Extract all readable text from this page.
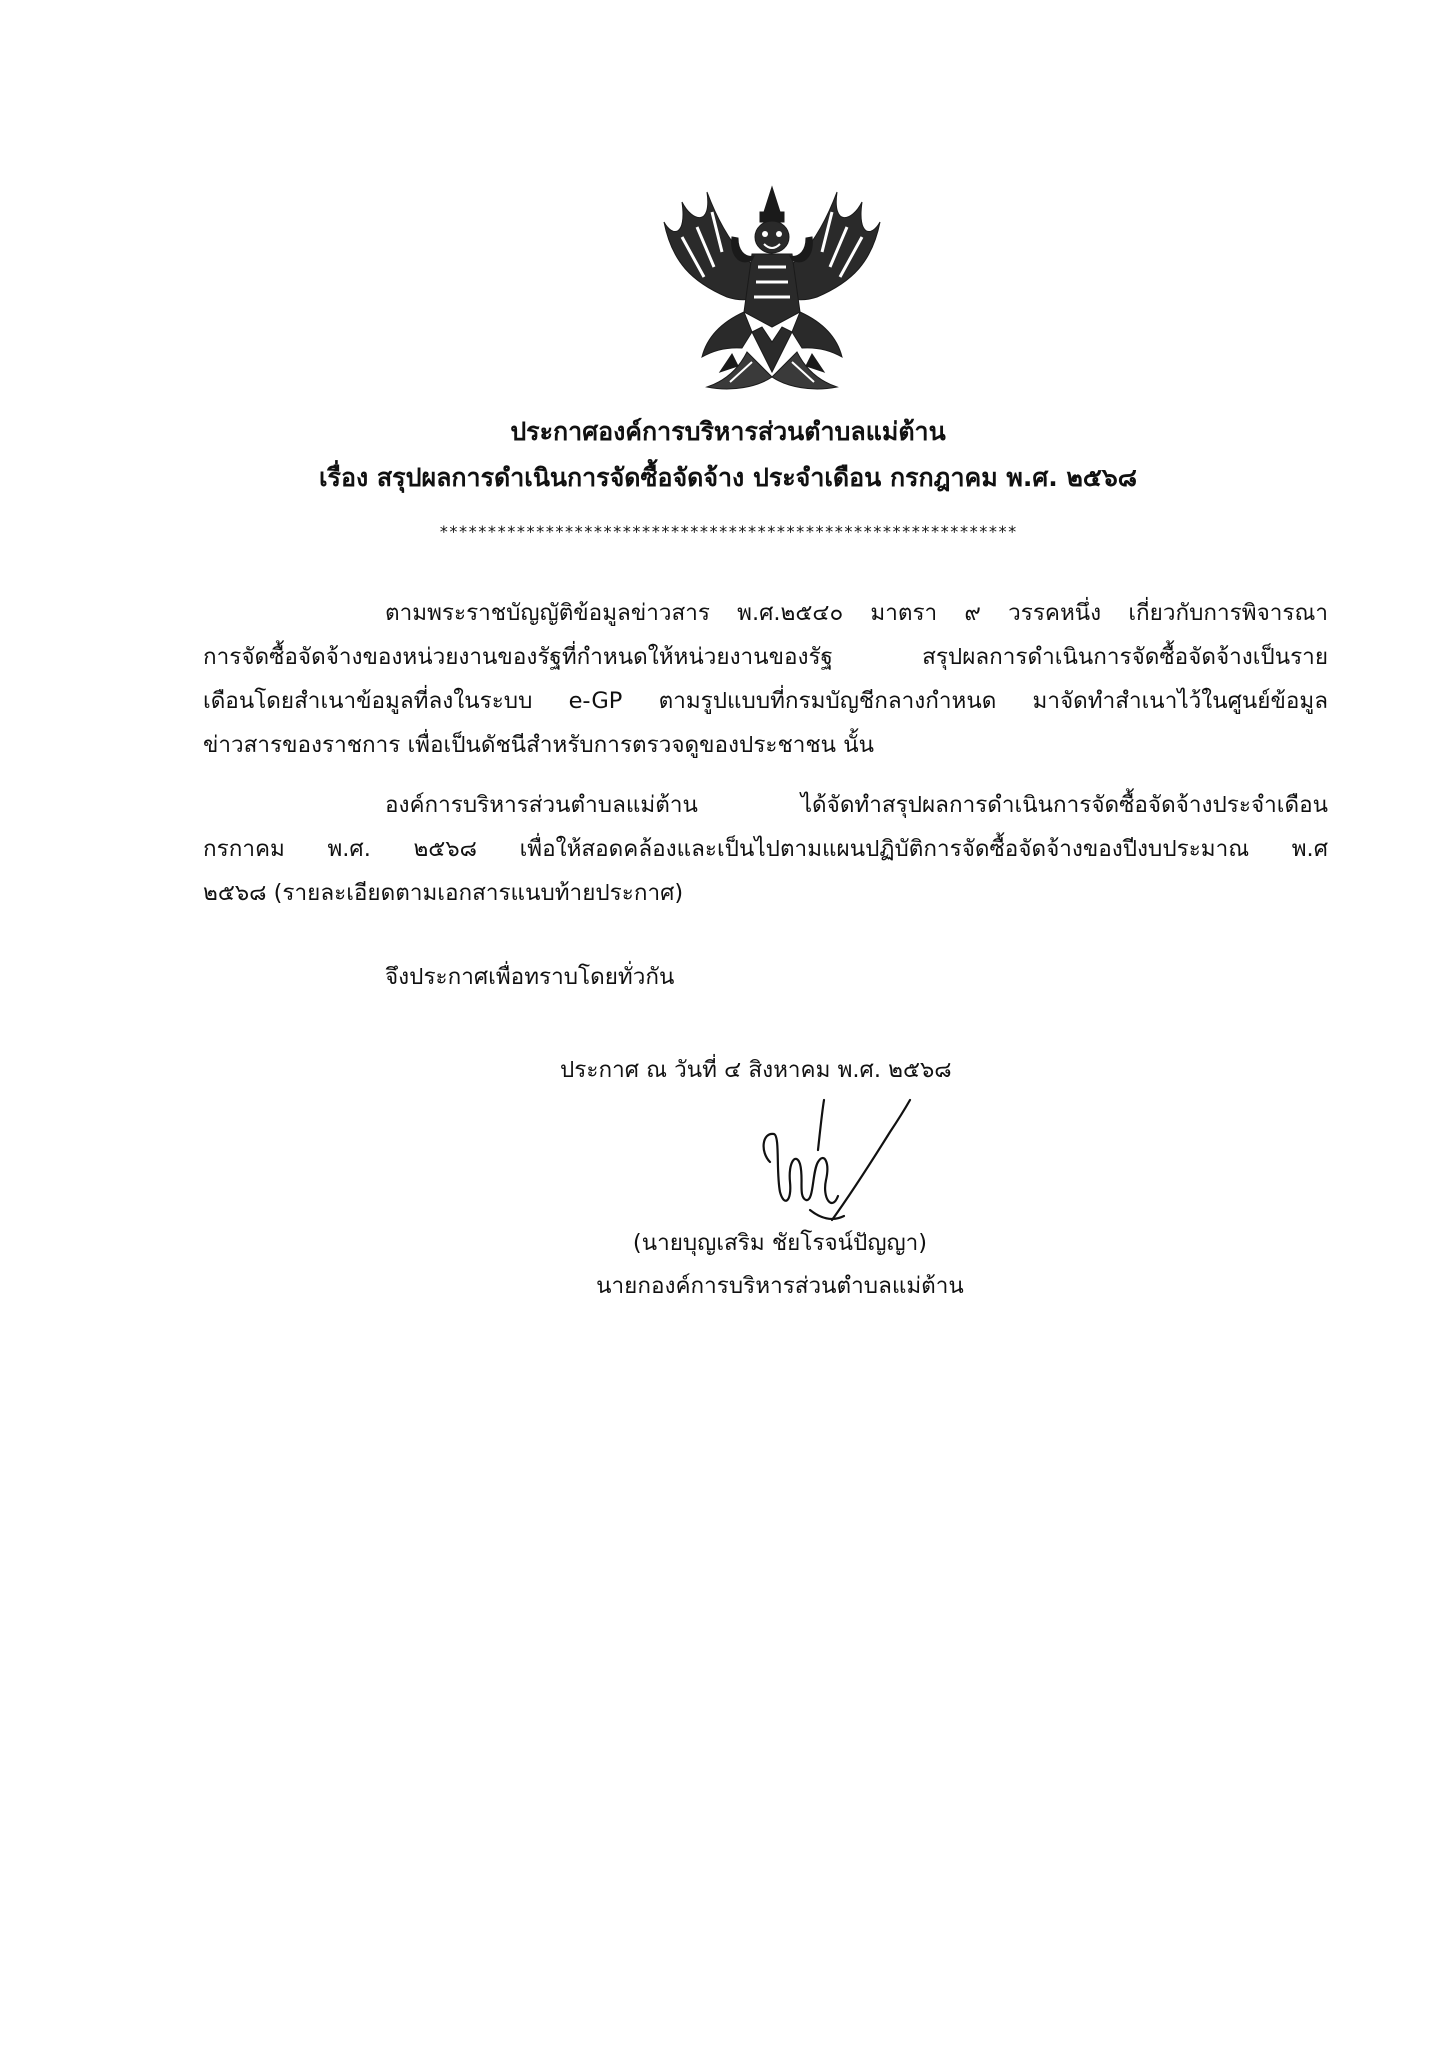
ประกาศองค์การบริหารส่วนตำบลแม่ต้าน
เรื่อง สรุปผลการดำเนินการจัดซื้อจัดจ้าง ประจำเดือน กรกฎาคม พ.ศ. ๒๕๖๘
************************************************************
ตามพระราชบัญญัติข้อมูลข่าวสาร พ.ศ.๒๕๔๐ มาตรา ๙ วรรคหนึ่ง เกี่ยวกับการพิจารณา
การจัดซื้อจัดจ้างของหน่วยงานของรัฐที่กำหนดให้หน่วยงานของรัฐ สรุปผลการดำเนินการจัดซื้อจัดจ้างเป็นราย
เดือนโดยสำเนาข้อมูลที่ลงในระบบ e-GP ตามรูปแบบที่กรมบัญชีกลางกำหนด มาจัดทำสำเนาไว้ในศูนย์ข้อมูล
ข่าวสารของราชการ เพื่อเป็นดัชนีสำหรับการตรวจดูของประชาชน นั้น
องค์การบริหารส่วนตำบลแม่ต้าน ได้จัดทำสรุปผลการดำเนินการจัดซื้อจัดจ้างประจำเดือน
กรกาคม พ.ศ. ๒๕๖๘ เพื่อให้สอดคล้องและเป็นไปตามแผนปฏิบัติการจัดซื้อจัดจ้างของปีงบประมาณ พ.ศ
๒๕๖๘ (รายละเอียดตามเอกสารแนบท้ายประกาศ)
จึงประกาศเพื่อทราบโดยทั่วกัน
ประกาศ ณ วันที่ ๔ สิงหาคม พ.ศ. ๒๕๖๘
(นายบุญเสริม ชัยโรจน์ปัญญา)
นายกองค์การบริหารส่วนตำบลแม่ต้าน
